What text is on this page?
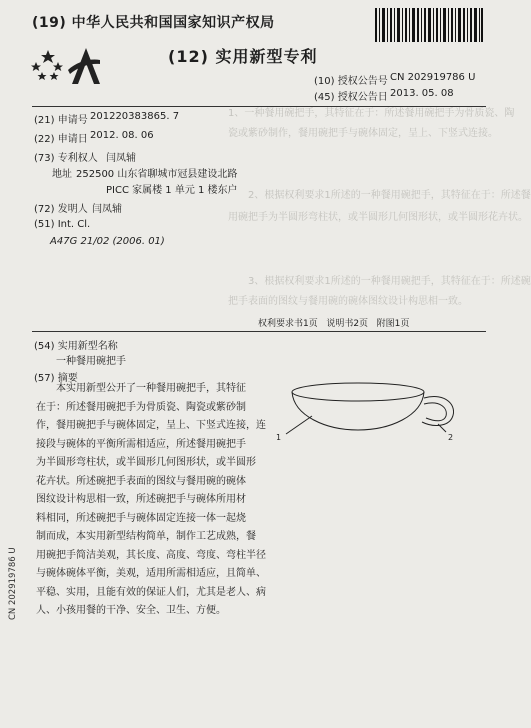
1、一种餐用碗把手，其特征在于：所述餐用碗把手为骨质瓷、陶
瓷或紫砂制作，餐用碗把手与碗体固定，呈上、下竖式连接。
2、根据权利要求1所述的一种餐用碗把手，其特征在于：所述餐
用碗把手为半圆形弯柱状，或半圆形几何图形状，或半圆形花卉状。
3、根据权利要求1所述的一种餐用碗把手，其特征在于：所述碗
把手表面的图纹与餐用碗的碗体图纹设计构思相一致。
(19) 中华人民共和国国家知识产权局
(12) 实用新型专利
(10) 授权公告号 CN 202919786 U
(45) 授权公告日 2013. 05. 08
(21) 申请号 201220383865. 7
(22) 申请日 2012. 08. 06
(73) 专利权人 闫凤辅
地址 252500 山东省聊城市冠县建设北路
PICC 家属楼 1 单元 1 楼东户
(72) 发明人 闫凤辅
(51) Int. Cl.
A47G 21/02 (2006. 01)
权利要求书1页 说明书2页 附图1页
(54) 实用新型名称
一种餐用碗把手
(57) 摘要
本实用新型公开了一种餐用碗把手，其特征
在于：所述餐用碗把手为骨质瓷、陶瓷或紫砂制
作，餐用碗把手与碗体固定，呈上、下竖式连接，连
接段与碗体的平衡所需相适应，所述餐用碗把手
为半圆形弯柱状，或半圆形几何图形状，或半圆形
花卉状。所述碗把手表面的图纹与餐用碗的碗体
图纹设计构思相一致，所述碗把手与碗体所用材
料相同，所述碗把手与碗体固定连接一体一起烧
制而成，本实用新型结构简单，制作工艺成熟，餐
用碗把手简洁美观，其长度、高度、弯度、弯柱半径
与碗体碗体平衡，美观，适用所需相适应，且简单、
平稳、实用，且能有效的保证人们，尤其是老人、病
人、小孩用餐的干净、安全、卫生、方便。
1	2
CN 202919786 U
